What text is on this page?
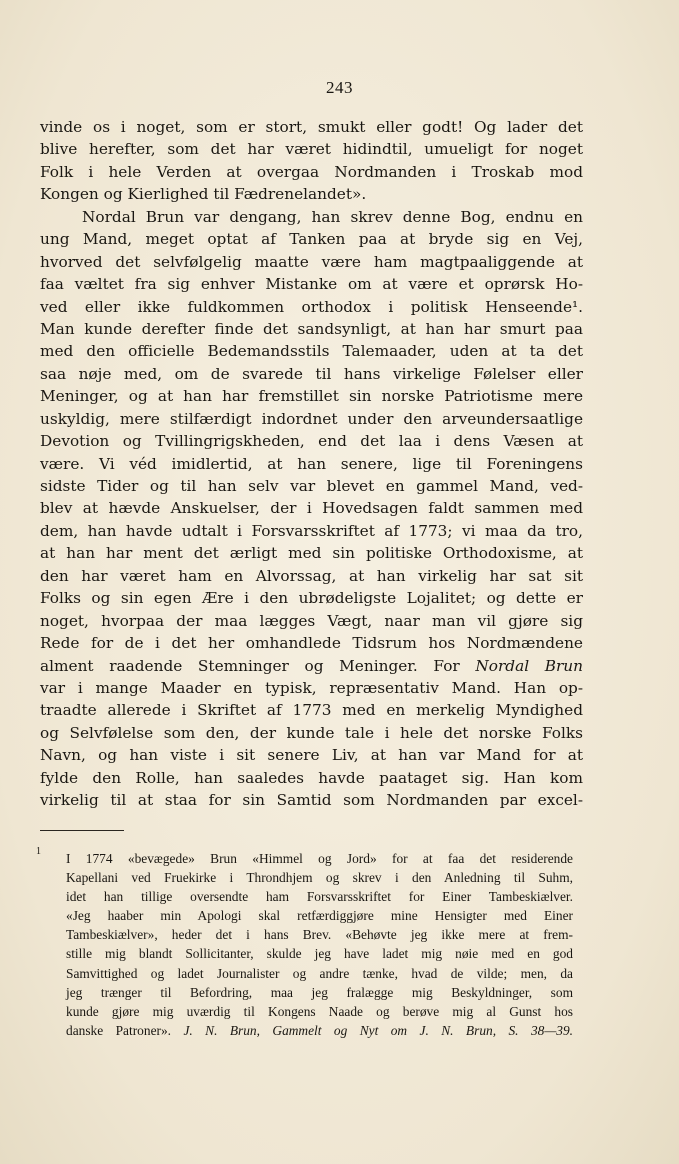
243
vinde os i noget, som er stort, smukt eller godt! Og lader det
blive herefter, som det har været hidindtil, umueligt for noget
Folk i hele Verden at overgaa Nordmanden i Troskab mod
Kongen og Kierlighed til Fædrenelandet».
Nordal Brun var dengang, han skrev denne Bog, endnu en
ung Mand, meget optat af Tanken paa at bryde sig en Vej,
hvorved det selvfølgelig maatte være ham magtpaaliggende at
faa væltet fra sig enhver Mistanke om at være et oprørsk Ho-
ved eller ikke fuldkommen orthodox i politisk Henseende¹.
Man kunde derefter finde det sandsynligt, at han har smurt paa
med den officielle Bedemandsstils Talemaader, uden at ta det
saa nøje med, om de svarede til hans virkelige Følelser eller
Meninger, og at han har fremstillet sin norske Patriotisme mere
uskyldig, mere stilfærdigt indordnet under den arveundersaatlige
Devotion og Tvillingrigskheden, end det laa i dens Væsen at
være. Vi véd imidlertid, at han senere, lige til Foreningens
sidste Tider og til han selv var blevet en gammel Mand, ved-
blev at hævde Anskuelser, der i Hovedsagen faldt sammen med
dem, han havde udtalt i Forsvarsskriftet af 1773; vi maa da tro,
at han har ment det ærligt med sin politiske Orthodoxisme, at
den har været ham en Alvorssag, at han virkelig har sat sit
Folks og sin egen Ære i den ubrødeligste Lojalitet; og dette er
noget, hvorpaa der maa lægges Vægt, naar man vil gjøre sig
Rede for de i det her omhandlede Tidsrum hos Nordmændene
alment raadende Stemninger og Meninger. For Nordal Brun
var i mange Maader en typisk, repræsentativ Mand. Han op-
traadte allerede i Skriftet af 1773 med en merkelig Myndighed
og Selvfølelse som den, der kunde tale i hele det norske Folks
Navn, og han viste i sit senere Liv, at han var Mand for at
fylde den Rolle, han saaledes havde paataget sig. Han kom
virkelig til at staa for sin Samtid som Nordmanden par excel-
1 I 1774 «bevægede» Brun «Himmel og Jord» for at faa det residerende
Kapellani ved Fruekirke i Throndhjem og skrev i den Anledning til Suhm,
idet han tillige oversendte ham Forsvarsskriftet for Einer Tambeskiælver.
«Jeg haaber min Apologi skal retfærdiggjøre mine Hensigter med Einer
Tambeskiælver», heder det i hans Brev. «Behøvte jeg ikke mere at frem-
stille mig blandt Sollicitanter, skulde jeg have ladet mig nøie med en god
Samvittighed og ladet Journalister og andre tænke, hvad de vilde; men, da
jeg trænger til Befordring, maa jeg fralægge mig Beskyldninger, som
kunde gjøre mig uværdig til Kongens Naade og berøve mig al Gunst hos
danske Patroner». J. N. Brun, Gammelt og Nyt om J. N. Brun, S. 38—39.
